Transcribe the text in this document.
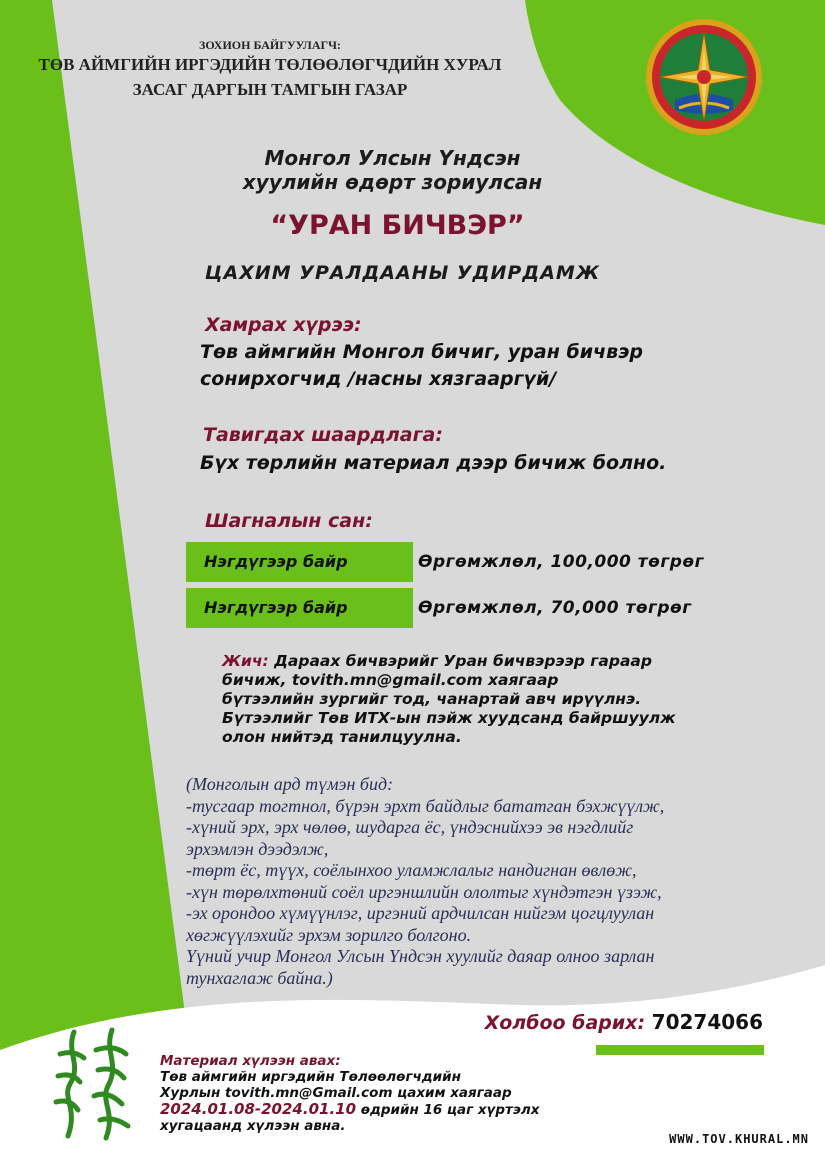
ЗОХИОН БАЙГУУЛАГЧ:
ТӨВ АЙМГИЙН ИРГЭДИЙН ТӨЛӨӨЛӨГЧДИЙН ХУРАЛ
ЗАСАГ ДАРГЫН ТАМГЫН ГАЗАР
Монгол Улсын Үндсэн
хуулийн өдөрт зориулсан
“УРАН БИЧВЭР”
ЦАХИМ УРАЛДААНЫ УДИРДАМЖ
Хамрах хүрээ:
Төв аймгийн Монгол бичиг, уран бичвэр
сонирхогчид /насны хязгааргүй/
Тавигдах шаардлага:
Бүх төрлийн материал дээр бичиж болно.
Шагналын сан:
Нэгдүгээр байр	Өргөмжлөл, 100,000 төгрөг
Нэгдүгээр байр	Өргөмжлөл, 70,000 төгрөг
Жич: Дараах бичвэрийг Уран бичвэрээр гараар
бичиж, tovith.mn@gmail.com хаягаар
бүтээлийн зургийг тод, чанартай авч ирүүлнэ.
Бүтээлийг Төв ИТХ-ын пэйж хуудсанд байршуулж
олон нийтэд танилцуулна.
(Монголын ард түмэн бид:
-тусгаар тогтнол, бүрэн эрхт байдлыг бататган бэхжүүлж,
-хүний эрх, эрх чөлөө, шударга ёс, үндэснийхээ эв нэгдлийг
эрхэмлэн дээдэлж,
-төрт ёс, түүх, соёлынхоо уламжлалыг нандигнан өвлөж,
-хүн төрөлхтөний соёл иргэншлийн ололтыг хүндэтгэн үзэж,
-эх орондоо хүмүүнлэг, иргэний ардчилсан нийгэм цогцлуулан
хөгжүүлэхийг эрхэм зорилго болгоно.
Үүний учир Монгол Улсын Үндсэн хуулийг даяар олноо зарлан
тунхаглаж байна.)
Холбоо барих: 70274066
Материал хүлээн авах:
Төв аймгийн иргэдийн Төлөөлөгчдийн
Хурлын tovith.mn@Gmail.com цахим хаягаар
2024.01.08-2024.01.10 өдрийн 16 цаг хүртэлх
хугацаанд хүлээн авна.
WWW.TOV.KHURAL.MN
